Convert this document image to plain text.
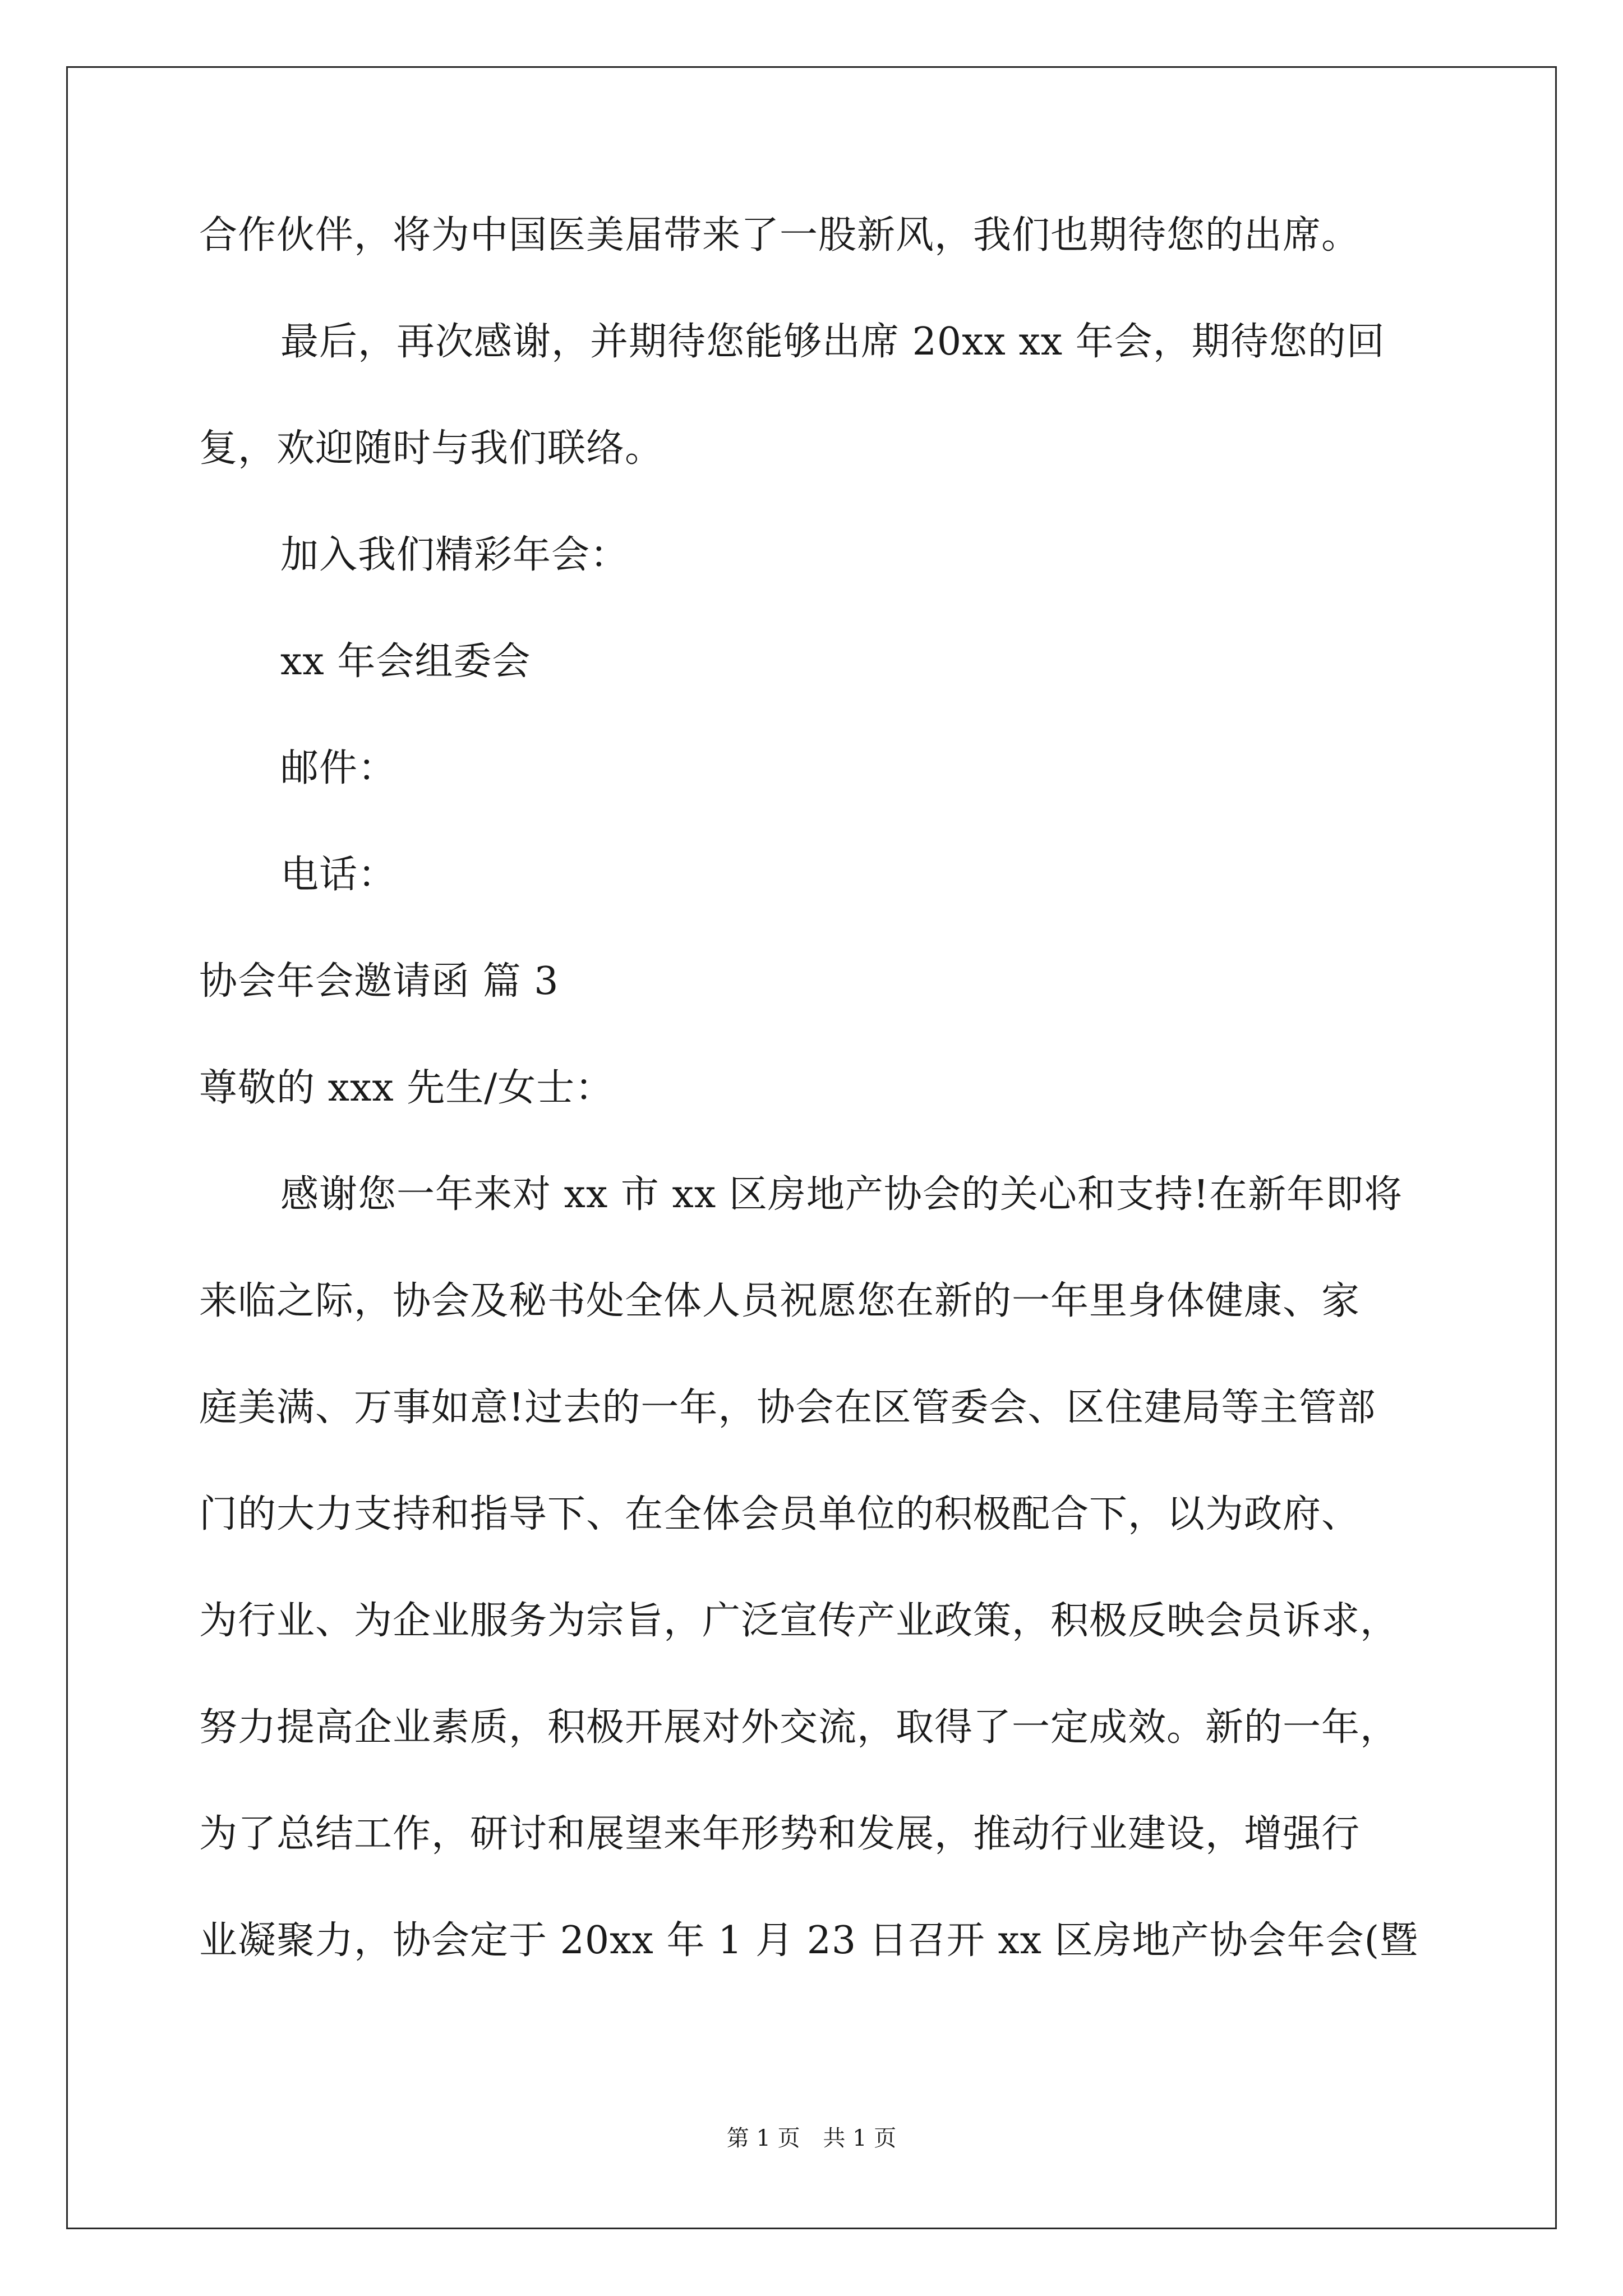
合作伙伴，将为中国医美届带来了一股新风，我们也期待您的出席。
最后，再次感谢，并期待您能够出席 20xx xx 年会，期待您的回
复，欢迎随时与我们联络。
加入我们精彩年会：
xx 年会组委会
邮件：
电话：
协会年会邀请函 篇 3
尊敬的 xxx 先生/女士：
感谢您一年来对 xx 市 xx 区房地产协会的关心和支持!在新年即将
来临之际，协会及秘书处全体人员祝愿您在新的一年里身体健康、家
庭美满、万事如意!过去的一年，协会在区管委会、区住建局等主管部
门的大力支持和指导下、在全体会员单位的积极配合下，以为政府、
为行业、为企业服务为宗旨，广泛宣传产业政策，积极反映会员诉求，
努力提高企业素质，积极开展对外交流，取得了一定成效。新的一年，
为了总结工作，研讨和展望来年形势和发展，推动行业建设，增强行
业凝聚力，协会定于 20xx 年 1 月 23 日召开 xx 区房地产协会年会(暨
第 1 页 共 1 页
